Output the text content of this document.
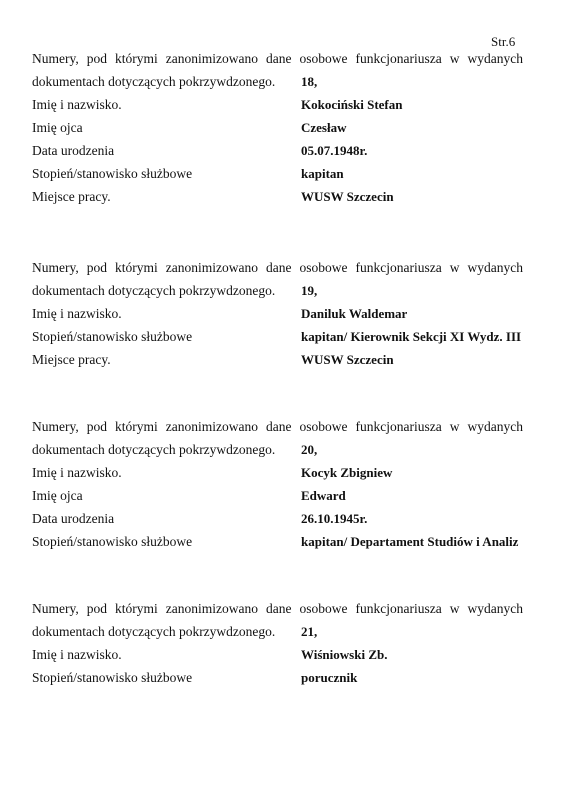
Str.6
Numery, pod którymi zanonimizowano dane osobowe funkcjonariusza w wydanych
dokumentach dotyczących pokrzywdzonego. 18,
Imię i nazwisko.	Kokociński Stefan
Imię ojca	Czesław
Data urodzenia	05.07.1948r.
Stopień/stanowisko służbowe	kapitan
Miejsce pracy.	WUSW Szczecin
Numery, pod którymi zanonimizowano dane osobowe funkcjonariusza w wydanych
dokumentach dotyczących pokrzywdzonego. 19,
Imię i nazwisko.	Daniluk Waldemar
Stopień/stanowisko służbowe	kapitan/ Kierownik Sekcji XI Wydz. III
Miejsce pracy.	WUSW Szczecin
Numery, pod którymi zanonimizowano dane osobowe funkcjonariusza w wydanych
dokumentach dotyczących pokrzywdzonego. 20,
Imię i nazwisko.	Kocyk Zbigniew
Imię ojca	Edward
Data urodzenia	26.10.1945r.
Stopień/stanowisko służbowe	kapitan/ Departament Studiów i Analiz
Numery, pod którymi zanonimizowano dane osobowe funkcjonariusza w wydanych
dokumentach dotyczących pokrzywdzonego. 21,
Imię i nazwisko.	Wiśniowski Zb.
Stopień/stanowisko służbowe	porucznik
